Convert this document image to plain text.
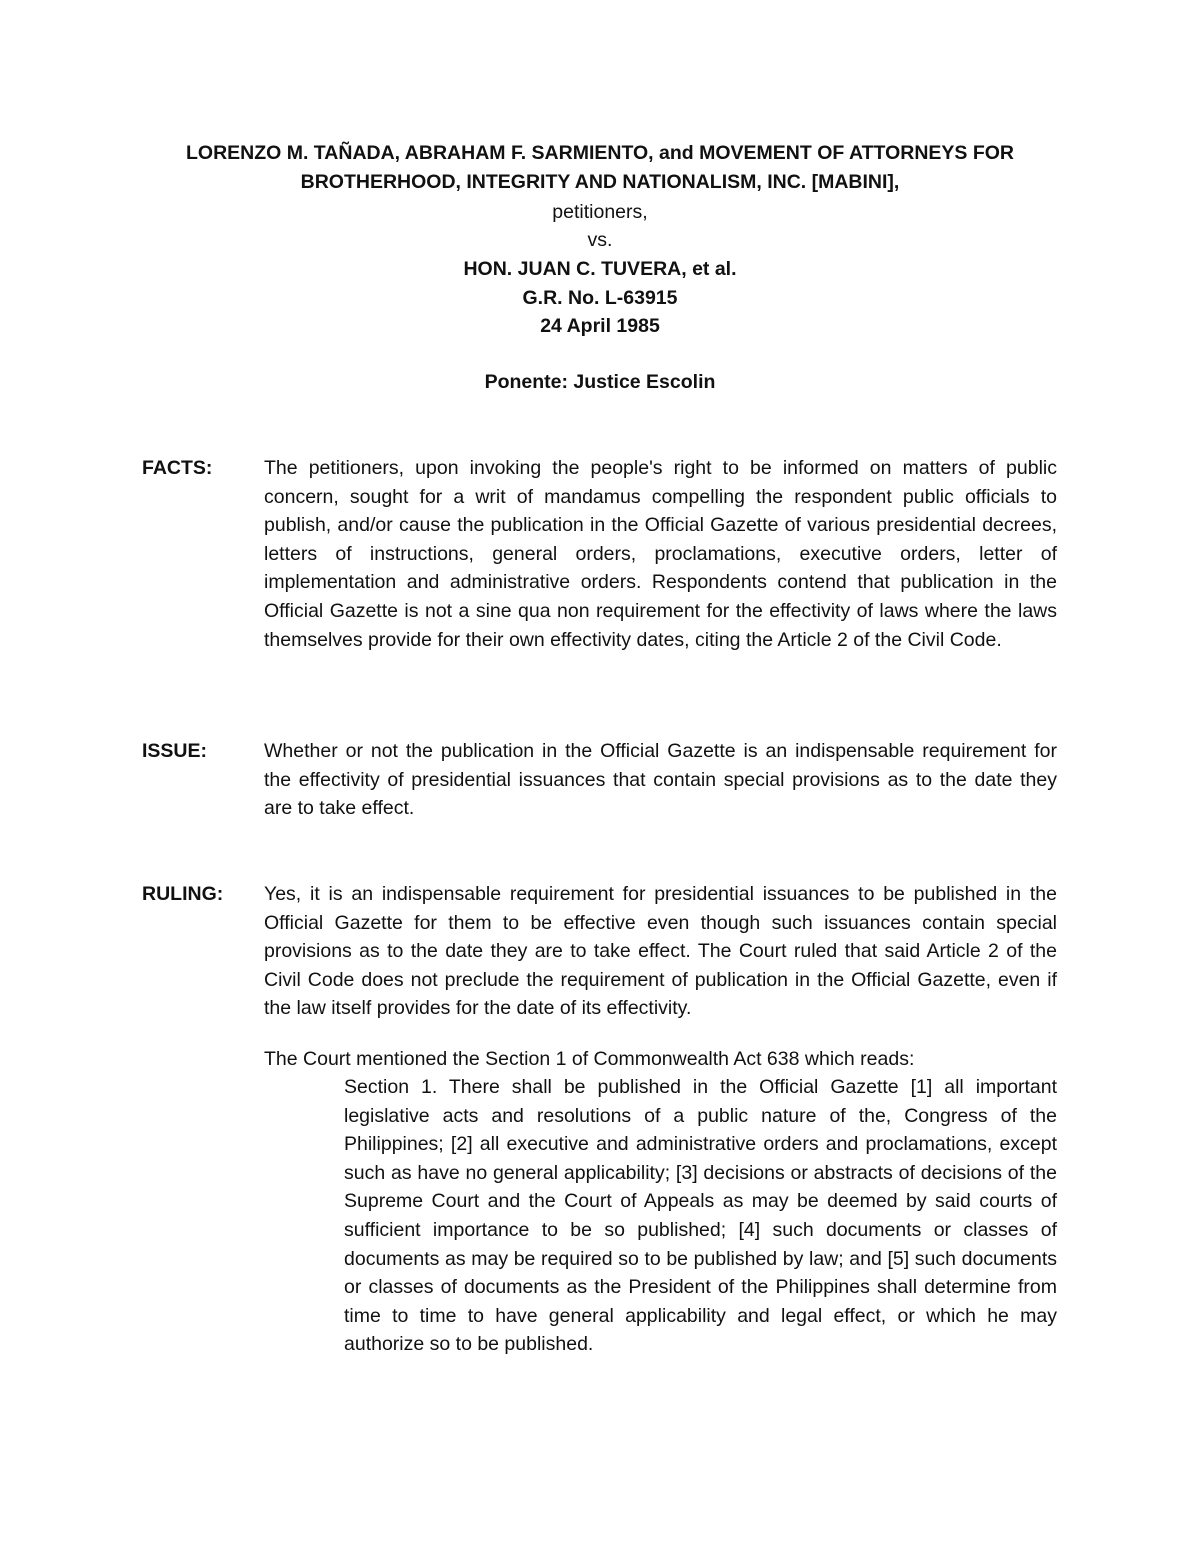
LORENZO M. TAÑADA, ABRAHAM F. SARMIENTO, and MOVEMENT OF ATTORNEYS FOR
BROTHERHOOD, INTEGRITY AND NATIONALISM, INC. [MABINI],
petitioners,
vs.
HON. JUAN C. TUVERA, et al.
G.R. No. L-63915
24 April 1985
Ponente: Justice Escolin
FACTS:	The petitioners, upon invoking the people's right to be informed on matters of public concern, sought for a writ of mandamus compelling the respondent public officials to publish, and/or cause the publication in the Official Gazette of various presidential decrees, letters of instructions, general orders, proclamations, executive orders, letter of implementation and administrative orders. Respondents contend that publication in the Official Gazette is not a sine qua non requirement for the effectivity of laws where the laws themselves provide for their own effectivity dates, citing the Article 2 of the Civil Code.
ISSUE:	Whether or not the publication in the Official Gazette is an indispensable requirement for the effectivity of presidential issuances that contain special provisions as to the date they are to take effect.
RULING: Yes, it is an indispensable requirement for presidential issuances to be published in the Official Gazette for them to be effective even though such issuances contain special provisions as to the date they are to take effect. The Court ruled that said Article 2 of the Civil Code does not preclude the requirement of publication in the Official Gazette, even if the law itself provides for the date of its effectivity.
The Court mentioned the Section 1 of Commonwealth Act 638 which reads:
Section 1. There shall be published in the Official Gazette [1] all important legislative acts and resolutions of a public nature of the, Congress of the Philippines; [2] all executive and administrative orders and proclamations, except such as have no general applicability; [3] decisions or abstracts of decisions of the Supreme Court and the Court of Appeals as may be deemed by said courts of sufficient importance to be so published; [4] such documents or classes of documents as may be required so to be published by law; and [5] such documents or classes of documents as the President of the Philippines shall determine from time to time to have general applicability and legal effect, or which he may authorize so to be published.
